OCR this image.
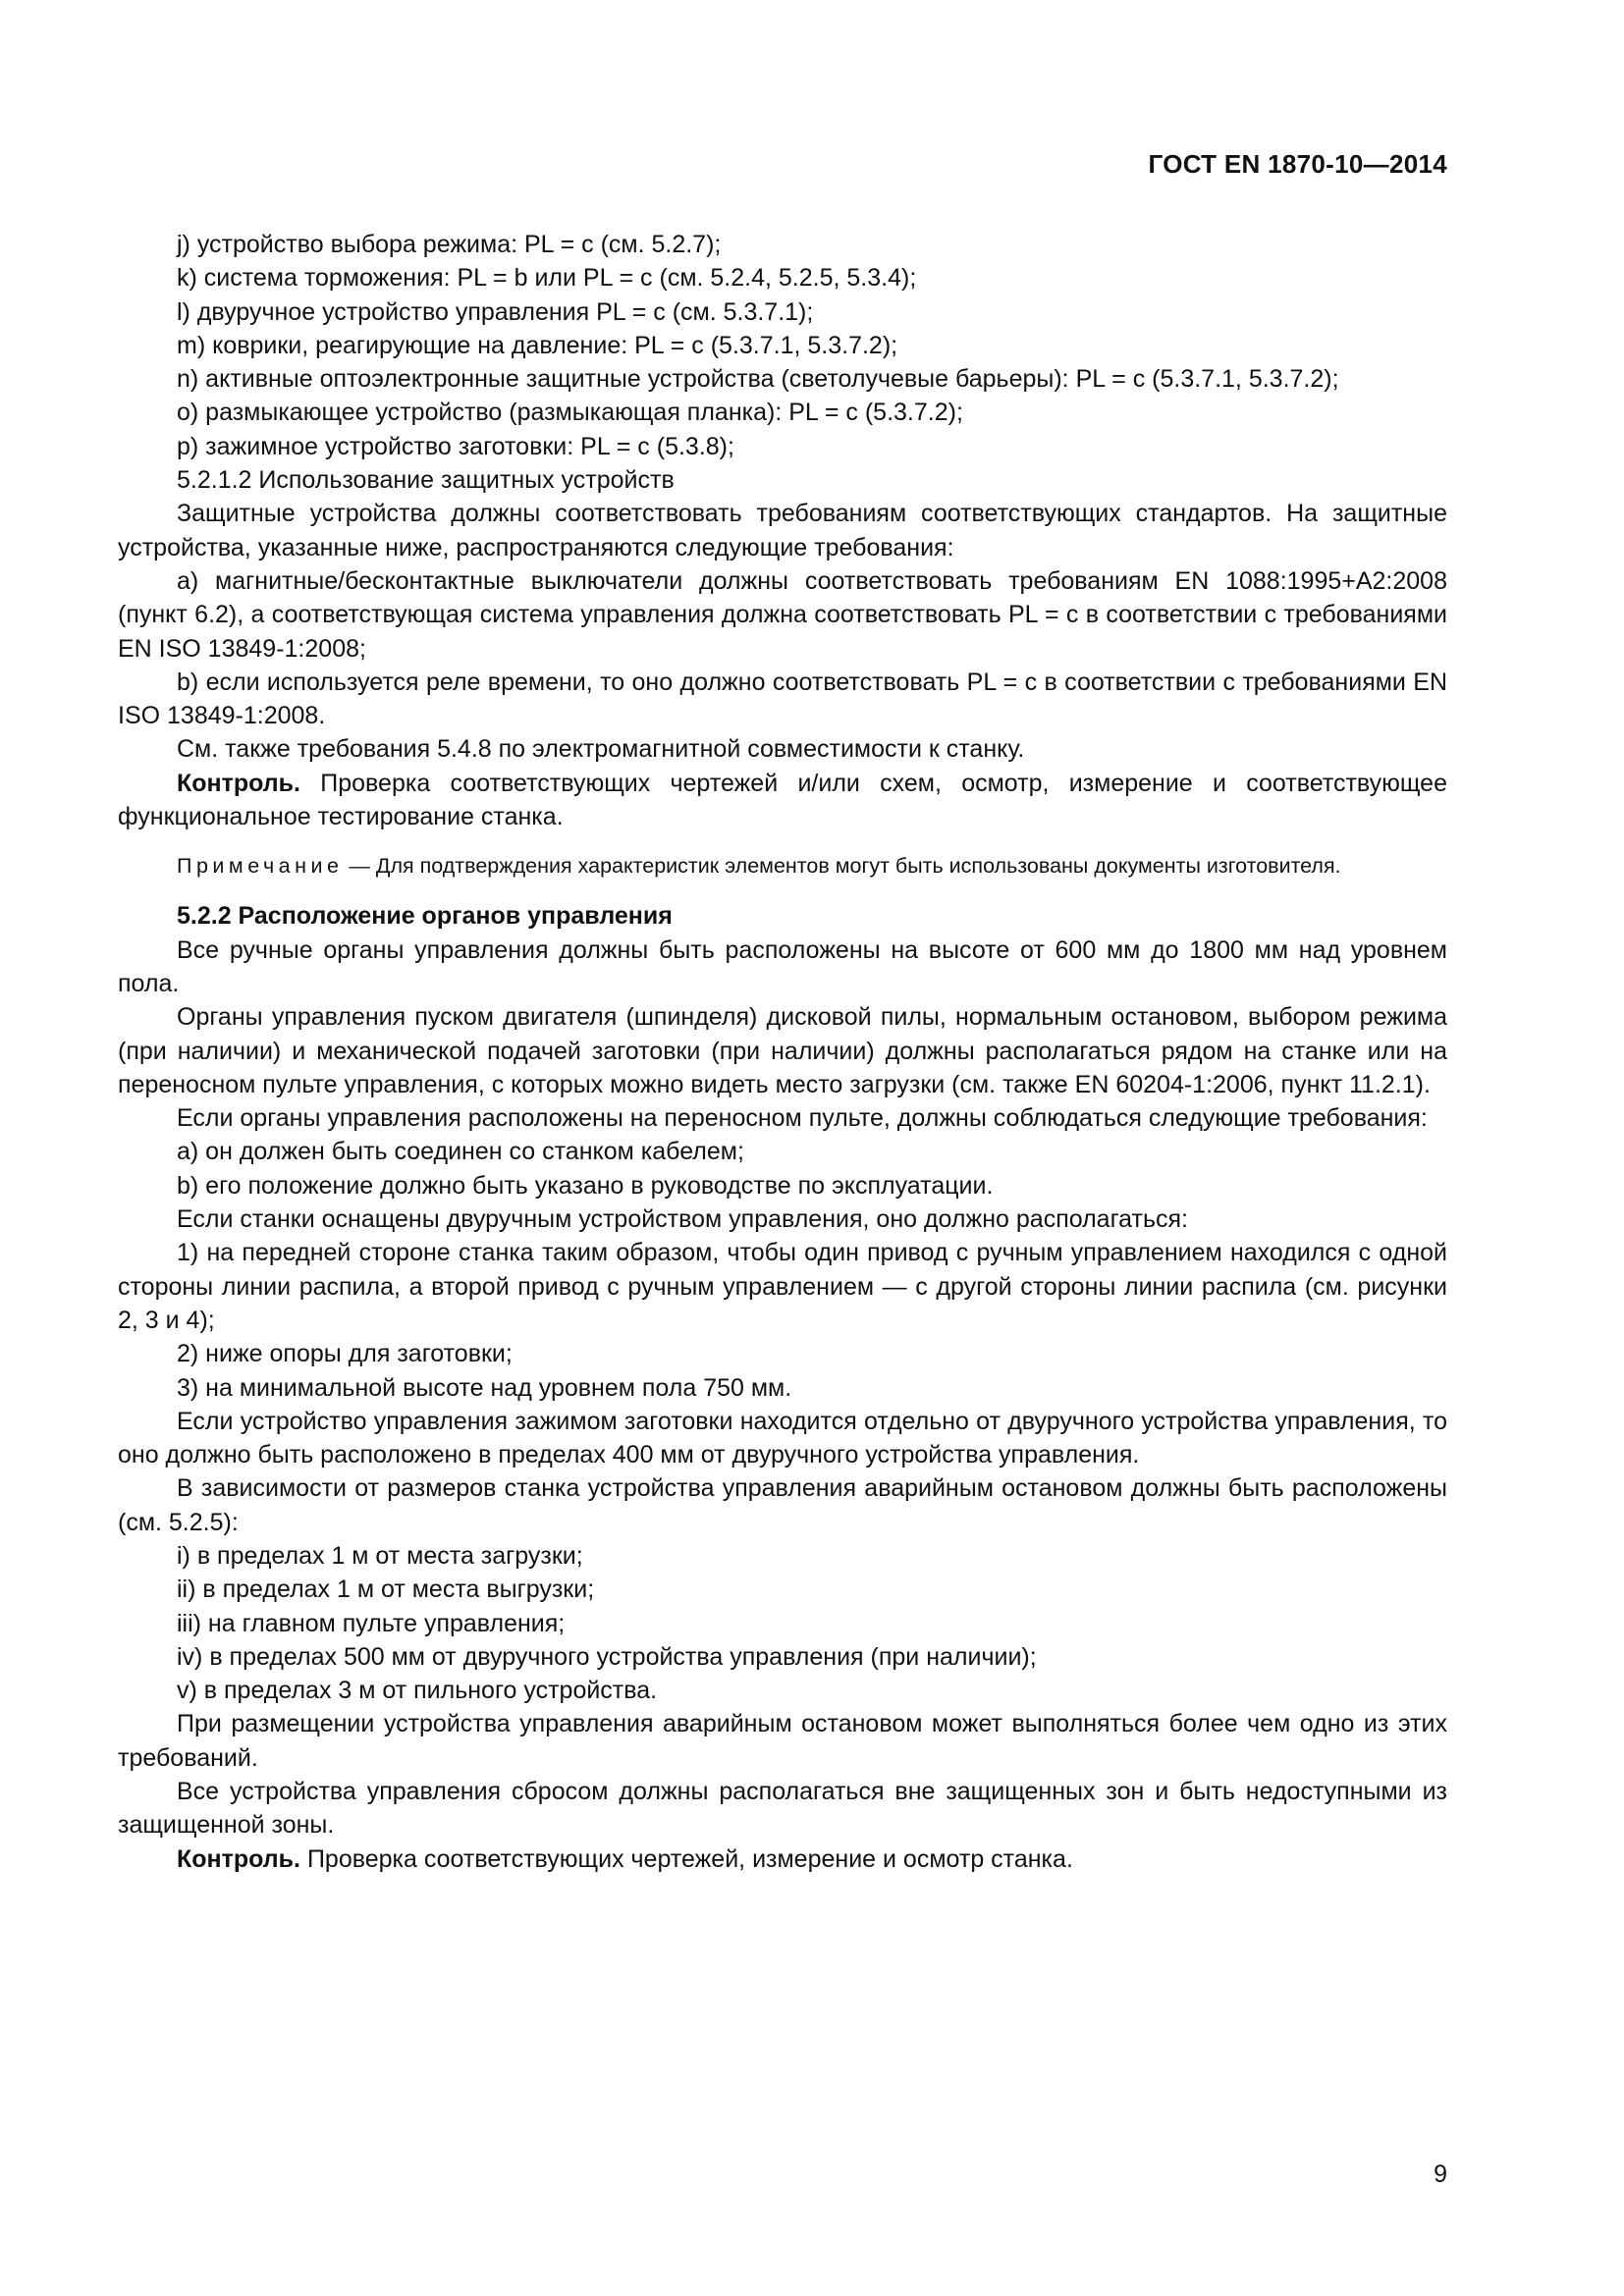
ГОСТ EN 1870-10—2014

j) устройство выбора режима: PL = c (см. 5.2.7);

k) система торможения: PL = b или PL = c (см. 5.2.4, 5.2.5, 5.3.4);

l) двуручное устройство управления PL = c (см. 5.3.7.1);

m) коврики, реагирующие на давление: PL = c (5.3.7.1, 5.3.7.2);

n) активные оптоэлектронные защитные устройства (светолучевые барьеры): PL = c (5.3.7.1, 5.3.7.2);

o) размыкающее устройство (размыкающая планка): PL = c (5.3.7.2);

p) зажимное устройство заготовки: PL = c (5.3.8);

5.2.1.2 Использование защитных устройств

Защитные устройства должны соответствовать требованиям соответствующих стандартов. На защитные устройства, указанные ниже, распространяются следующие требования:

a) магнитные/бесконтактные выключатели должны соответствовать требованиям EN 1088:1995+A2:2008 (пункт 6.2), а соответствующая система управления должна соответствовать PL = c в соответствии с требованиями EN ISO 13849-1:2008;

b) если используется реле времени, то оно должно соответствовать PL = c в соответствии с требованиями EN ISO 13849-1:2008.

См. также требования 5.4.8 по электромагнитной совместимости к станку.

Контроль. Проверка соответствующих чертежей и/или схем, осмотр, измерение и соответствующее функциональное тестирование станка.

Примечание — Для подтверждения характеристик элементов могут быть использованы документы изготовителя.

5.2.2 Расположение органов управления

Все ручные органы управления должны быть расположены на высоте от 600 мм до 1800 мм над уровнем пола.

Органы управления пуском двигателя (шпинделя) дисковой пилы, нормальным остановом, выбором режима (при наличии) и механической подачей заготовки (при наличии) должны располагаться рядом на станке или на переносном пульте управления, с которых можно видеть место загрузки (см. также EN 60204-1:2006, пункт 11.2.1).

Если органы управления расположены на переносном пульте, должны соблюдаться следующие требования:

a) он должен быть соединен со станком кабелем;

b) его положение должно быть указано в руководстве по эксплуатации.

Если станки оснащены двуручным устройством управления, оно должно располагаться:

1) на передней стороне станка таким образом, чтобы один привод с ручным управлением находился с одной стороны линии распила, а второй привод с ручным управлением — с другой стороны линии распила (см. рисунки 2, 3 и 4);

2) ниже опоры для заготовки;

3) на минимальной высоте над уровнем пола 750 мм.

Если устройство управления зажимом заготовки находится отдельно от двуручного устройства управления, то оно должно быть расположено в пределах 400 мм от двуручного устройства управления.

В зависимости от размеров станка устройства управления аварийным остановом должны быть расположены (см. 5.2.5):

i) в пределах 1 м от места загрузки;

ii) в пределах 1 м от места выгрузки;

iii) на главном пульте управления;

iv) в пределах 500 мм от двуручного устройства управления (при наличии);

v) в пределах 3 м от пильного устройства.

При размещении устройства управления аварийным остановом может выполняться более чем одно из этих требований.

Все устройства управления сбросом должны располагаться вне защищенных зон и быть недоступными из защищенной зоны.

Контроль. Проверка соответствующих чертежей, измерение и осмотр станка.

9
